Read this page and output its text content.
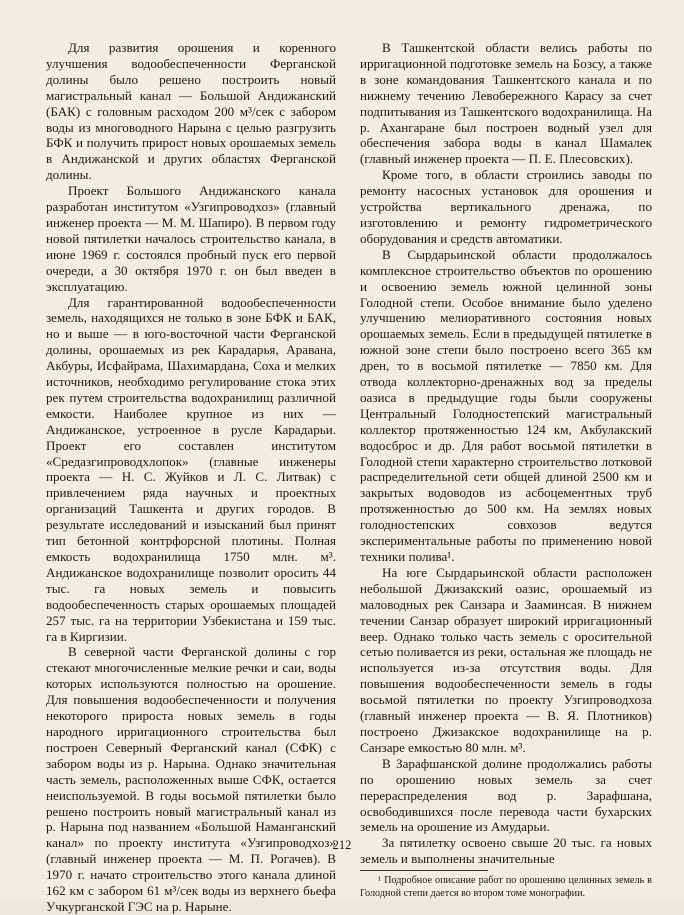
Для развития орошения и коренного улучшения водообеспеченности Ферганской долины было решено построить новый магистральный канал — Большой Андижанский (БАК) с головным расходом 200 м³/сек с забором воды из многоводного Нарына с целью разгрузить БФК и получить прирост новых орошаемых земель в Андижанской и других областях Ферганской долины.

Проект Большого Андижанского канала разработан институтом «Узгипроводхоз» (главный инженер проекта — М. М. Шапиро). В первом году новой пятилетки началось строительство канала, в июне 1969 г. состоялся пробный пуск его первой очереди, а 30 октября 1970 г. он был введен в эксплуатацию.

Для гарантированной водообеспеченности земель, находящихся не только в зоне БФК и БАК, но и выше — в юго-восточной части Ферганской долины, орошаемых из рек Карадарья, Аравана, Акбуры, Исфайрама, Шахимардана, Соха и мелких источников, необходимо регулирование стока этих рек путем строительства водохранилищ различной емкости. Наиболее крупное из них — Андижанское, устроенное в русле Карадарьи. Проект его составлен институтом «Средазгипроводхлопок» (главные инженеры проекта — Н. С. Жуйков и Л. С. Литвак) с привлечением ряда научных и проектных организаций Ташкента и других городов. В результате исследований и изысканий был принят тип бетонной контрфорсной плотины. Полная емкость водохранилища 1750 млн. м³. Андижанское водохранилище позволит оросить 44 тыс. га новых земель и повысить водообеспеченность старых орошаемых площадей 257 тыс. га на территории Узбекистана и 159 тыс. га в Киргизии.

В северной части Ферганской долины с гор стекают многочисленные мелкие речки и саи, воды которых используются полностью на орошение. Для повышения водообеспеченности и получения некоторого прироста новых земель в годы народного ирригационного строительства был построен Северный Ферганский канал (СФК) с забором воды из р. Нарына. Однако значительная часть земель, расположенных выше СФК, остается неиспользуемой. В годы восьмой пятилетки было решено построить новый магистральный канал из р. Нарына под названием «Большой Наманганский канал» по проекту института «Узгипроводхоз» (главный инженер проекта — М. П. Рогачев). В 1970 г. начато строительство этого канала длиной 162 км с забором 61 м³/сек воды из верхнего бьефа Учкурганской ГЭС на р. Нарыне.

В Ташкентской области велись работы по ирригационной подготовке земель на Бозсу, а также в зоне командования Ташкентского канала и по нижнему течению Левобережного Карасу за счет подпитывания из Ташкентского водохранилища. На р. Ахангаране был построен водный узел для обеспечения забора воды в канал Шамалек (главный инженер проекта — П. Е. Плесовских).

Кроме того, в области строились заводы по ремонту насосных установок для орошения и устройства вертикального дренажа, по изготовлению и ремонту гидрометрического оборудования и средств автоматики.

В Сырдарьинской области продолжалось комплексное строительство объектов по орошению и освоению земель южной целинной зоны Голодной степи. Особое внимание было уделено улучшению мелиоративного состояния новых орошаемых земель. Если в предыдущей пятилетке в южной зоне степи было построено всего 365 км дрен, то в восьмой пятилетке — 7850 км. Для отвода коллекторно-дренажных вод за пределы оазиса в предыдущие годы были сооружены Центральный Голодностепский магистральный коллектор протяженностью 124 км, Акбулакский водосброс и др. Для работ восьмой пятилетки в Голодной степи характерно строительство лотковой распределительной сети общей длиной 2500 км и закрытых водоводов из асбоцементных труб протяженностью до 500 км. На землях новых голодностепских совхозов ведутся экспериментальные работы по применению новой техники полива¹.

На юге Сырдарьинской области расположен небольшой Джизакский оазис, орошаемый из маловодных рек Санзара и Зааминсая. В нижнем течении Санзар образует широкий ирригационный веер. Однако только часть земель с оросительной сетью поливается из реки, остальная же площадь не используется из-за отсутствия воды. Для повышения водообеспеченности земель в годы восьмой пятилетки по проекту Узгипроводхоза (главный инженер проекта — В. Я. Плотников) построено Джизакское водохранилище на р. Санзаре емкостью 80 млн. м³.

В Зарафшанской долине продолжались работы по орошению новых земель за счет перераспределения вод р. Зарафшана, освободившихся после перевода части бухарских земель на орошение из Амударьи.

За пятилетку освоено свыше 20 тыс. га новых земель и выполнены значительные

¹ Подробное описание работ по орошению целинных земель в Голодной степи дается во втором томе монографии.

212
